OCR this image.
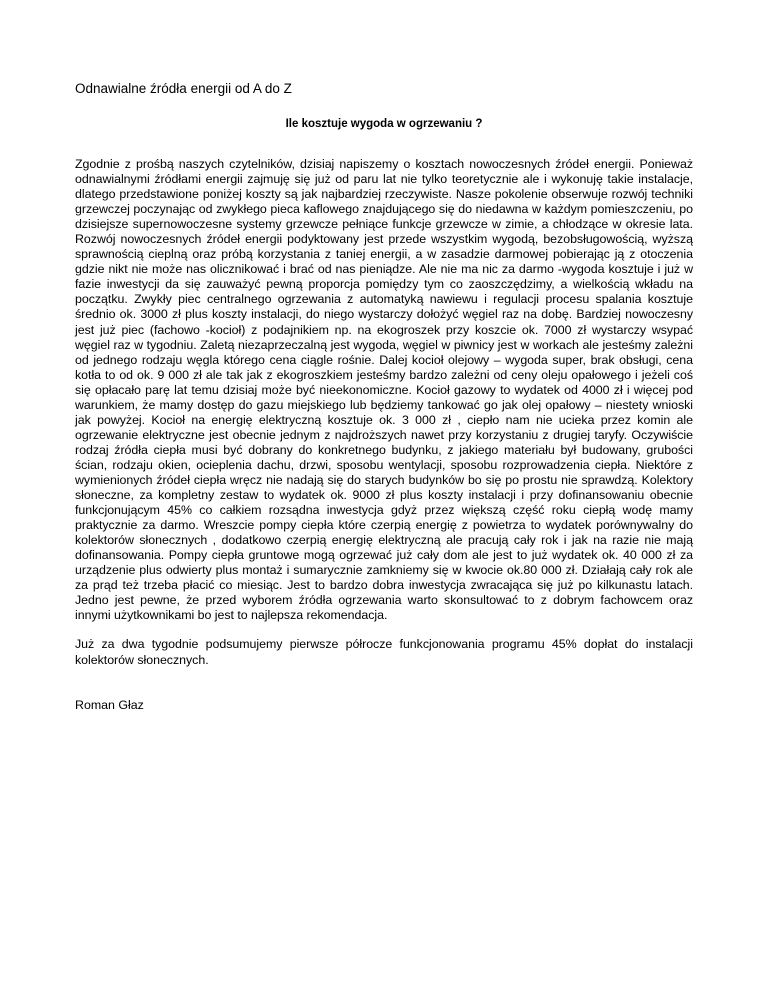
Odnawialne źródła energii od A do Z

Ile kosztuje wygoda w ogrzewaniu ?

Zgodnie z prośbą naszych czytelników, dzisiaj napiszemy o kosztach nowoczesnych źródeł energii. Ponieważ odnawialnymi źródłami energii zajmuję się już od paru lat nie tylko teoretycznie ale i wykonuję takie instalacje, dlatego przedstawione poniżej koszty są jak najbardziej rzeczywiste. Nasze pokolenie obserwuje rozwój techniki grzewczej poczynając od zwykłego pieca kaflowego znajdującego się do niedawna w każdym pomieszczeniu, po dzisiejsze supernowoczesne systemy grzewcze pełniące funkcje grzewcze w zimie, a chłodzące w okresie lata. Rozwój nowoczesnych źródeł energii podyktowany jest przede wszystkim wygodą, bezobsługowością, wyższą sprawnością cieplną oraz próbą korzystania z taniej energii, a w zasadzie darmowej pobierając ją z otoczenia gdzie nikt nie może nas olicznikować i brać od nas pieniądze. Ale nie ma nic za darmo -wygoda kosztuje i już w fazie inwestycji da się zauważyć pewną proporcja pomiędzy tym co zaoszczędzimy, a wielkością wkładu na początku. Zwykły piec centralnego ogrzewania z automatyką nawiewu i regulacji procesu spalania kosztuje średnio ok. 3000 zł plus koszty instalacji, do niego wystarczy dołożyć węgiel raz na dobę. Bardziej nowoczesny jest już piec (fachowo -kocioł) z podajnikiem np. na ekogroszek przy koszcie ok. 7000 zł wystarczy wsypać węgiel raz w tygodniu. Zaletą niezaprzeczalną jest wygoda, węgiel w piwnicy jest w workach ale jesteśmy zależni od jednego rodzaju węgla którego cena ciągle rośnie. Dalej kocioł olejowy – wygoda super, brak obsługi, cena kotła to od ok. 9 000 zł ale tak jak z ekogroszkiem jesteśmy bardzo zależni od ceny oleju opałowego i jeżeli coś się opłacało parę lat temu dzisiaj może być nieekonomiczne. Kocioł gazowy to wydatek od 4000 zł i więcej pod warunkiem, że mamy dostęp do gazu miejskiego lub będziemy tankować go jak olej opałowy – niestety wnioski jak powyżej. Kocioł na energię elektryczną kosztuje ok. 3 000 zł , ciepło nam nie ucieka przez komin ale ogrzewanie elektryczne jest obecnie jednym z najdroższych nawet przy korzystaniu z drugiej taryfy. Oczywiście rodzaj źródła ciepła musi być dobrany do konkretnego budynku, z jakiego materiału był budowany, grubości ścian, rodzaju okien, ocieplenia dachu, drzwi, sposobu wentylacji, sposobu rozprowadzenia ciepła. Niektóre z wymienionych źródeł ciepła wręcz nie nadają się do starych budynków bo się po prostu nie sprawdzą. Kolektory słoneczne, za kompletny zestaw to wydatek ok. 9000 zł plus koszty instalacji i przy dofinansowaniu obecnie funkcjonującym 45% co całkiem rozsądna inwestycja gdyż przez większą część roku ciepłą wodę mamy praktycznie za darmo. Wreszcie pompy ciepła które czerpią energię z powietrza to wydatek porównywalny do kolektorów słonecznych , dodatkowo czerpią energię elektryczną ale pracują cały rok i jak na razie nie mają dofinansowania. Pompy ciepła gruntowe mogą ogrzewać już cały dom ale jest to już wydatek ok. 40 000 zł za urządzenie plus odwierty plus montaż i sumarycznie zamkniemy się w kwocie ok.80 000 zł. Działają cały rok ale za prąd też trzeba płacić co miesiąc. Jest to bardzo dobra inwestycja zwracająca się już po kilkunastu latach. Jedno jest pewne, że przed wyborem źródła ogrzewania warto skonsultować to z dobrym fachowcem oraz innymi użytkownikami bo jest to najlepsza rekomendacja.

Już za dwa tygodnie podsumujemy pierwsze półrocze funkcjonowania programu 45% dopłat do instalacji kolektorów słonecznych.

Roman Głaz
